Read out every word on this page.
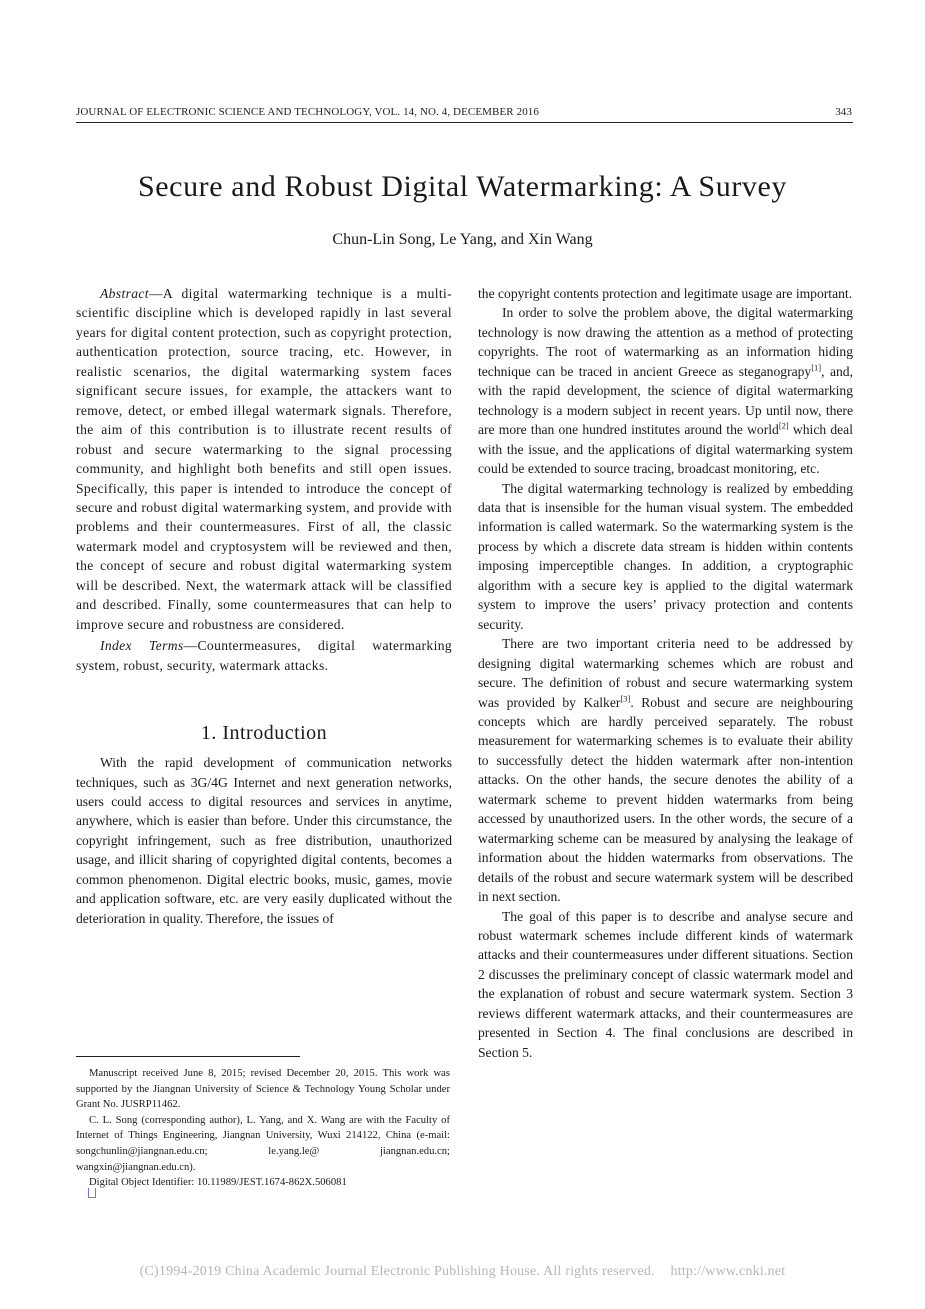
JOURNAL OF ELECTRONIC SCIENCE AND TECHNOLOGY, VOL. 14, NO. 4, DECEMBER 2016	343
Secure and Robust Digital Watermarking: A Survey
Chun-Lin Song, Le Yang, and Xin Wang

Abstract—A digital watermarking technique is a multi-scientific discipline which is developed rapidly in last several years for digital content protection, such as copyright protection, authentication protection, source tracing, etc. However, in realistic scenarios, the digital watermarking system faces significant secure issues, for example, the attackers want to remove, detect, or embed illegal watermark signals. Therefore, the aim of this contribution is to illustrate recent results of robust and secure watermarking to the signal processing community, and highlight both benefits and still open issues. Specifically, this paper is intended to introduce the concept of secure and robust digital watermarking system, and provide with problems and their countermeasures. First of all, the classic watermark model and cryptosystem will be reviewed and then, the concept of secure and robust digital watermarking system will be described. Next, the watermark attack will be classified and described. Finally, some countermeasures that can help to improve secure and robustness are considered.

Index Terms—Countermeasures, digital watermarking system, robust, security, watermark attacks.

1. Introduction

With the rapid development of communication networks techniques, such as 3G/4G Internet and next generation networks, users could access to digital resources and services in anytime, anywhere, which is easier than before. Under this circumstance, the copyright infringement, such as free distribution, unauthorized usage, and illicit sharing of copyrighted digital contents, becomes a common phenomenon. Digital electric books, music, games, movie and application software, etc. are very easily duplicated without the deterioration in quality. Therefore, the issues of

the copyright contents protection and legitimate usage are important.

In order to solve the problem above, the digital watermarking technology is now drawing the attention as a method of protecting copyrights. The root of watermarking as an information hiding technique can be traced in ancient Greece as steganograpy[1], and, with the rapid development, the science of digital watermarking technology is a modern subject in recent years. Up until now, there are more than one hundred institutes around the world[2] which deal with the issue, and the applications of digital watermarking system could be extended to source tracing, broadcast monitoring, etc.

The digital watermarking technology is realized by embedding data that is insensible for the human visual system. The embedded information is called watermark. So the watermarking system is the process by which a discrete data stream is hidden within contents imposing imperceptible changes. In addition, a cryptographic algorithm with a secure key is applied to the digital watermark system to improve the users’ privacy protection and contents security.

There are two important criteria need to be addressed by designing digital watermarking schemes which are robust and secure. The definition of robust and secure watermarking system was provided by Kalker[3]. Robust and secure are neighbouring concepts which are hardly perceived separately. The robust measurement for watermarking schemes is to evaluate their ability to successfully detect the hidden watermark after non-intention attacks. On the other hands, the secure denotes the ability of a watermark scheme to prevent hidden watermarks from being accessed by unauthorized users. In the other words, the secure of a watermarking scheme can be measured by analysing the leakage of information about the hidden watermarks from observations. The details of the robust and secure watermark system will be described in next section.

The goal of this paper is to describe and analyse secure and robust watermark schemes include different kinds of watermark attacks and their countermeasures under different situations. Section 2 discusses the preliminary concept of classic watermark model and the explanation of robust and secure watermark system. Section 3 reviews different watermark attacks, and their countermeasures are presented in Section 4. The final conclusions are described in Section 5.

Manuscript received June 8, 2015; revised December 20, 2015. This work was supported by the Jiangnan University of Science & Technology Young Scholar under Grant No. JUSRP11462.

C. L. Song (corresponding author), L. Yang, and X. Wang are with the Faculty of Internet of Things Engineering, Jiangnan University, Wuxi 214122, China (e-mail: songchunlin@jiangnan.edu.cn; le.yang.le@ jiangnan.edu.cn; wangxin@jiangnan.edu.cn).

Digital Object Identifier: 10.11989/JEST.1674-862X.506081

(C)1994-2019 China Academic Journal Electronic Publishing House. All rights reserved. http://www.cnki.net
